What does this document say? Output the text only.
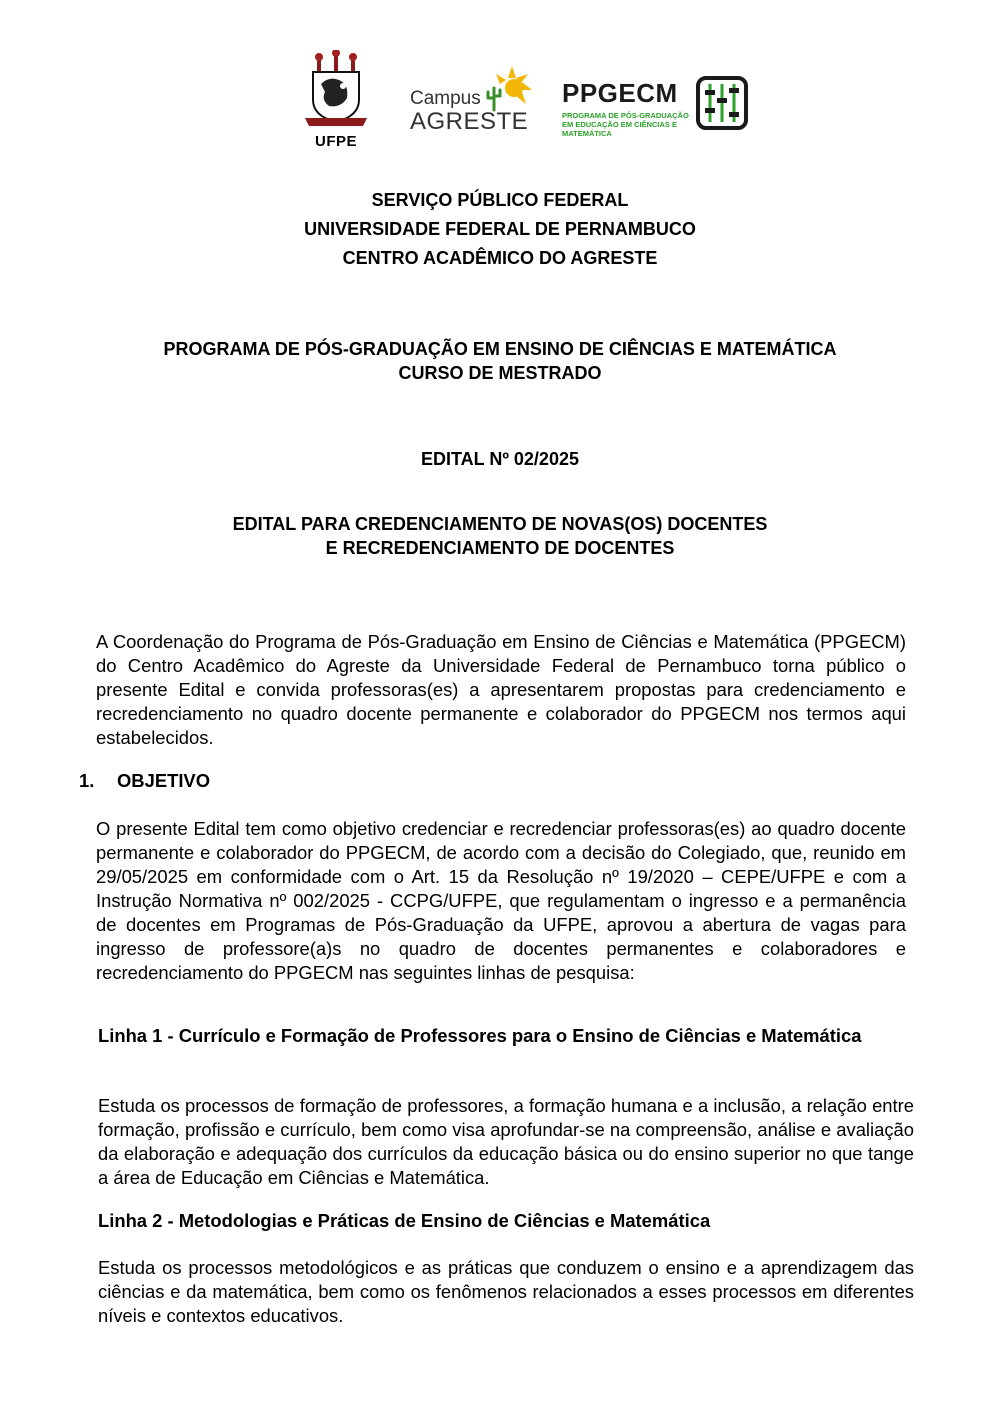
UFPE
Campus
AGRESTE
PPGECM
PROGRAMA DE PÓS-GRADUAÇÃO EM EDUCAÇÃO EM CIÊNCIAS E MATEMÁTICA
SERVIÇO PÚBLICO FEDERAL
UNIVERSIDADE FEDERAL DE PERNAMBUCO
CENTRO ACADÊMICO DO AGRESTE
PROGRAMA DE PÓS-GRADUAÇÃO EM ENSINO DE CIÊNCIAS E MATEMÁTICA
CURSO DE MESTRADO
EDITAL Nº 02/2025
EDITAL PARA CREDENCIAMENTO DE NOVAS(OS) DOCENTES
E RECREDENCIAMENTO DE DOCENTES
A Coordenação do Programa de Pós-Graduação em Ensino de Ciências e Matemática (PPGECM) do Centro Acadêmico do Agreste da Universidade Federal de Pernambuco torna público o presente Edital e convida professoras(es) a apresentarem propostas para credenciamento e recredenciamento no quadro docente permanente e colaborador do PPGECM nos termos aqui estabelecidos.
1. OBJETIVO
O presente Edital tem como objetivo credenciar e recredenciar professoras(es) ao quadro docente permanente e colaborador do PPGECM, de acordo com a decisão do Colegiado, que, reunido em 29/05/2025 em conformidade com o Art. 15 da Resolução nº 19/2020 – CEPE/UFPE e com a Instrução Normativa nº 002/2025 - CCPG/UFPE, que regulamentam o ingresso e a permanência de docentes em Programas de Pós-Graduação da UFPE, aprovou a abertura de vagas para ingresso de professore(a)s no quadro de docentes permanentes e colaboradores e recredenciamento do PPGECM nas seguintes linhas de pesquisa:
Linha 1 - Currículo e Formação de Professores para o Ensino de Ciências e Matemática
Estuda os processos de formação de professores, a formação humana e a inclusão, a relação entre formação, profissão e currículo, bem como visa aprofundar-se na compreensão, análise e avaliação da elaboração e adequação dos currículos da educação básica ou do ensino superior no que tange a área de Educação em Ciências e Matemática.
Linha 2 - Metodologias e Práticas de Ensino de Ciências e Matemática
Estuda os processos metodológicos e as práticas que conduzem o ensino e a aprendizagem das ciências e da matemática, bem como os fenômenos relacionados a esses processos em diferentes níveis e contextos educativos.
